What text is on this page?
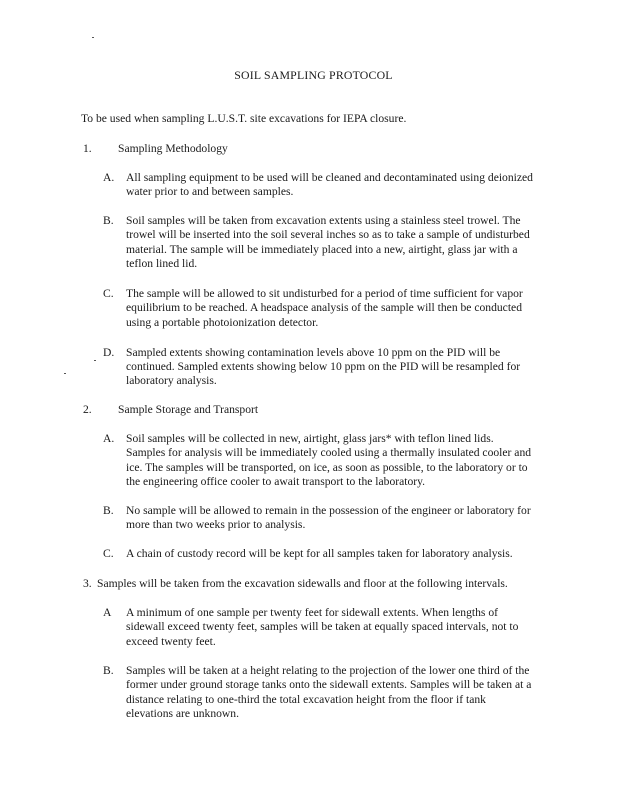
SOIL SAMPLING PROTOCOL

To be used when sampling L.U.S.T. site excavations for IEPA closure.

1. Sampling Methodology

A. All sampling equipment to be used will be cleaned and decontaminated using deionized

water prior to and between samples.

B. Soil samples will be taken from excavation extents using a stainless steel trowel. The

trowel will be inserted into the soil several inches so as to take a sample of undisturbed

material. The sample will be immediately placed into a new, airtight, glass jar with a

teflon lined lid.

C. The sample will be allowed to sit undisturbed for a period of time sufficient for vapor

equilibrium to be reached. A headspace analysis of the sample will then be conducted

using a portable photoionization detector.

D. Sampled extents showing contamination levels above 10 ppm on the PID will be

continued. Sampled extents showing below 10 ppm on the PID will be resampled for

laboratory analysis.

2. Sample Storage and Transport

A. Soil samples will be collected in new, airtight, glass jars* with teflon lined lids.

Samples for analysis will be immediately cooled using a thermally insulated cooler and

ice. The samples will be transported, on ice, as soon as possible, to the laboratory or to

the engineering office cooler to await transport to the laboratory.

B. No sample will be allowed to remain in the possession of the engineer or laboratory for

more than two weeks prior to analysis.

C. A chain of custody record will be kept for all samples taken for laboratory analysis.

3. Samples will be taken from the excavation sidewalls and floor at the following intervals.

A A minimum of one sample per twenty feet for sidewall extents. When lengths of

sidewall exceed twenty feet, samples will be taken at equally spaced intervals, not to

exceed twenty feet.

B. Samples will be taken at a height relating to the projection of the lower one third of the

former under ground storage tanks onto the sidewall extents. Samples will be taken at a

distance relating to one-third the total excavation height from the floor if tank

elevations are unknown.
